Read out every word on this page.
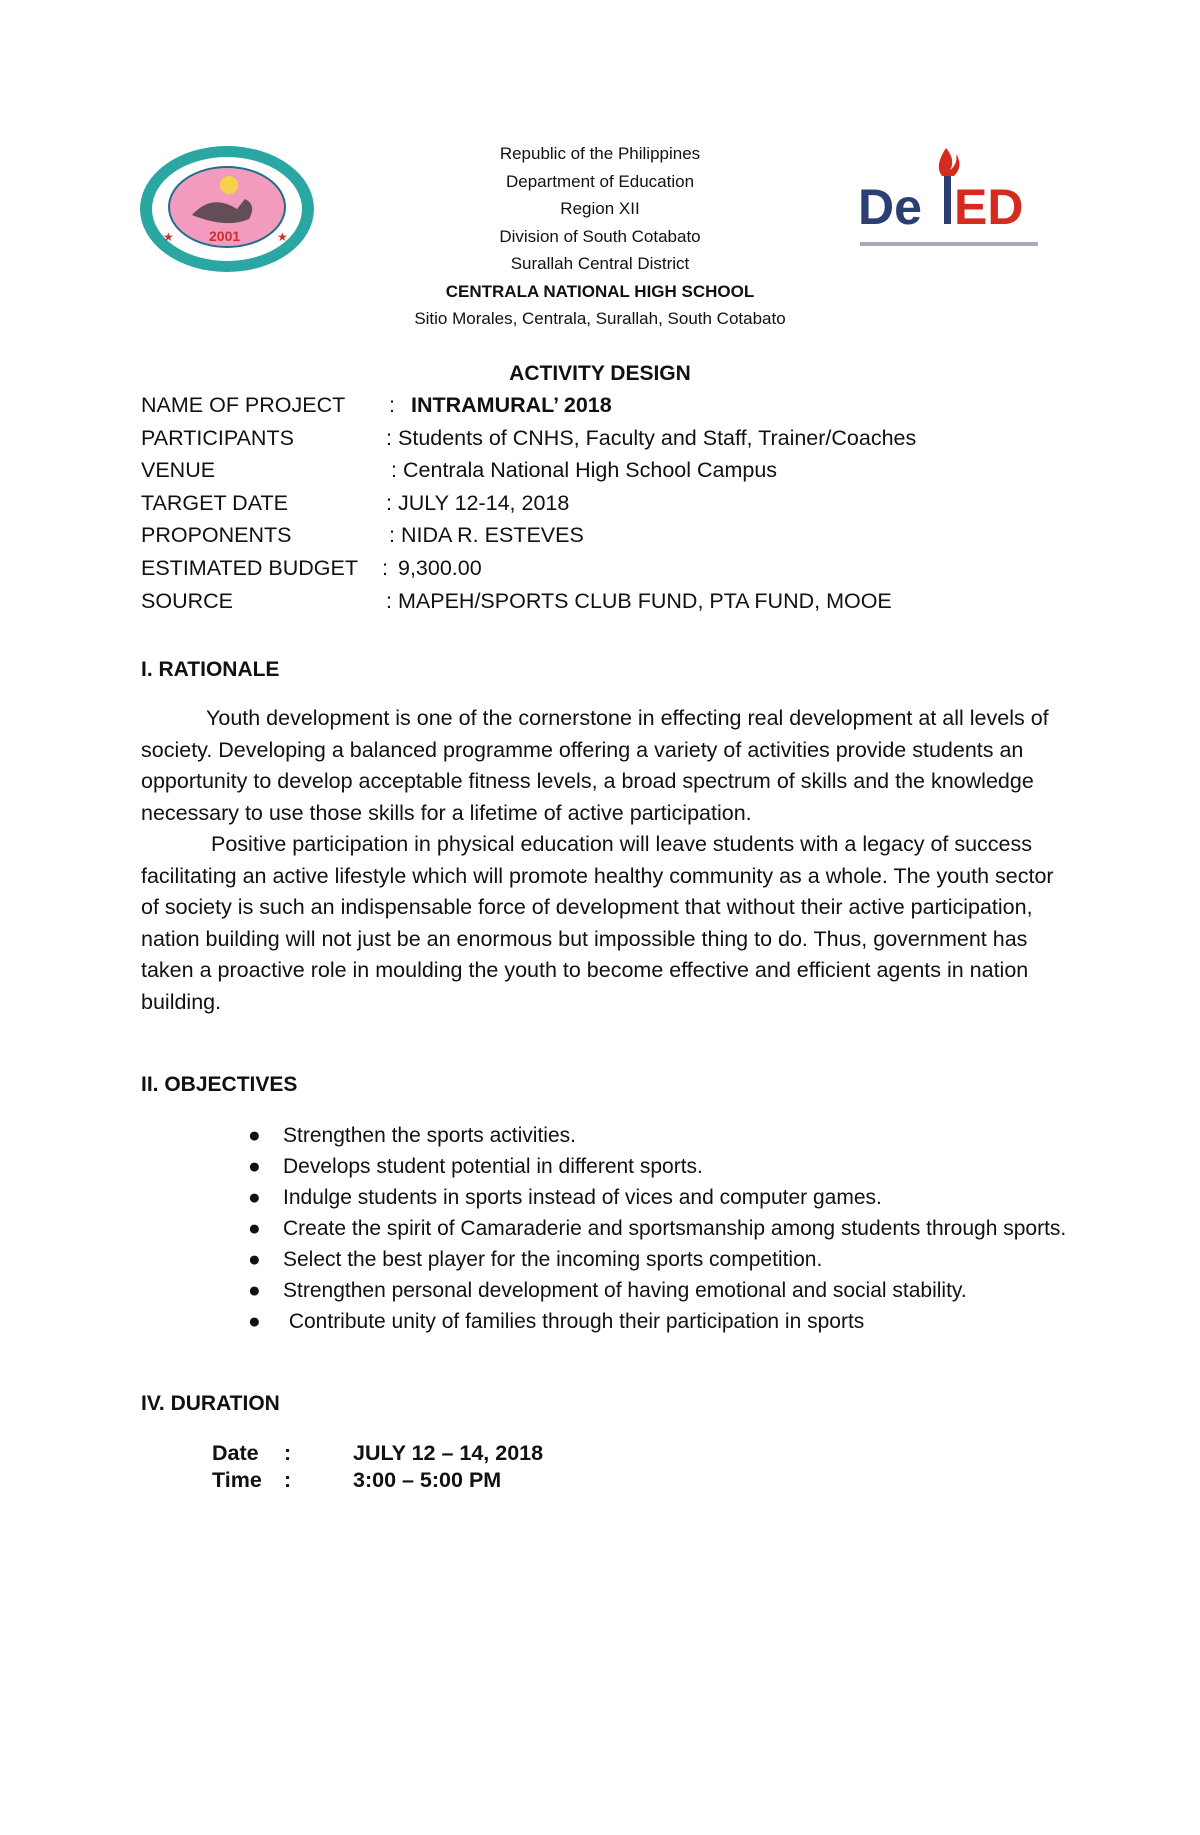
2001
★	★
De ED
Republic of the Philippines
Department of Education
Region XII
Division of South Cotabato
Surallah Central District
CENTRALA NATIONAL HIGH SCHOOL
Sitio Morales, Centrala, Surallah, South Cotabato
ACTIVITY DESIGN
NAME OF PROJECT : INTRAMURAL’ 2018
PARTICIPANTS	: Students of CNHS, Faculty and Staff, Trainer/Coaches
VENUE	: Centrala National High School Campus
TARGET DATE	: JULY 12-14, 2018
PROPONENTS	: NIDA R. ESTEVES
ESTIMATED BUDGET : 9,300.00
SOURCE	: MAPEH/SPORTS CLUB FUND, PTA FUND, MOOE
I. RATIONALE

Youth development is one of the cornerstone in effecting real development at all levels of society. Developing a balanced programme offering a variety of activities provide students an opportunity to develop acceptable fitness levels, a broad spectrum of skills and the knowledge necessary to use those skills for a lifetime of active participation.

Positive participation in physical education will leave students with a legacy of success facilitating an active lifestyle which will promote healthy community as a whole. The youth sector of society is such an indispensable force of development that without their active participation, nation building will not just be an enormous but impossible thing to do. Thus, government has taken a proactive role in moulding the youth to become effective and efficient agents in nation building.

II. OBJECTIVES
● Strengthen the sports activities.
● Develops student potential in different sports.
● Indulge students in sports instead of vices and computer games.
● Create the spirit of Camaraderie and sportsmanship among students through sports.
● Select the best player for the incoming sports competition.
● Strengthen personal development of having emotional and social stability.
● Contribute unity of families through their participation in sports
IV. DURATION
Date :	JULY 12 – 14, 2018
Time :	3:00 – 5:00 PM
